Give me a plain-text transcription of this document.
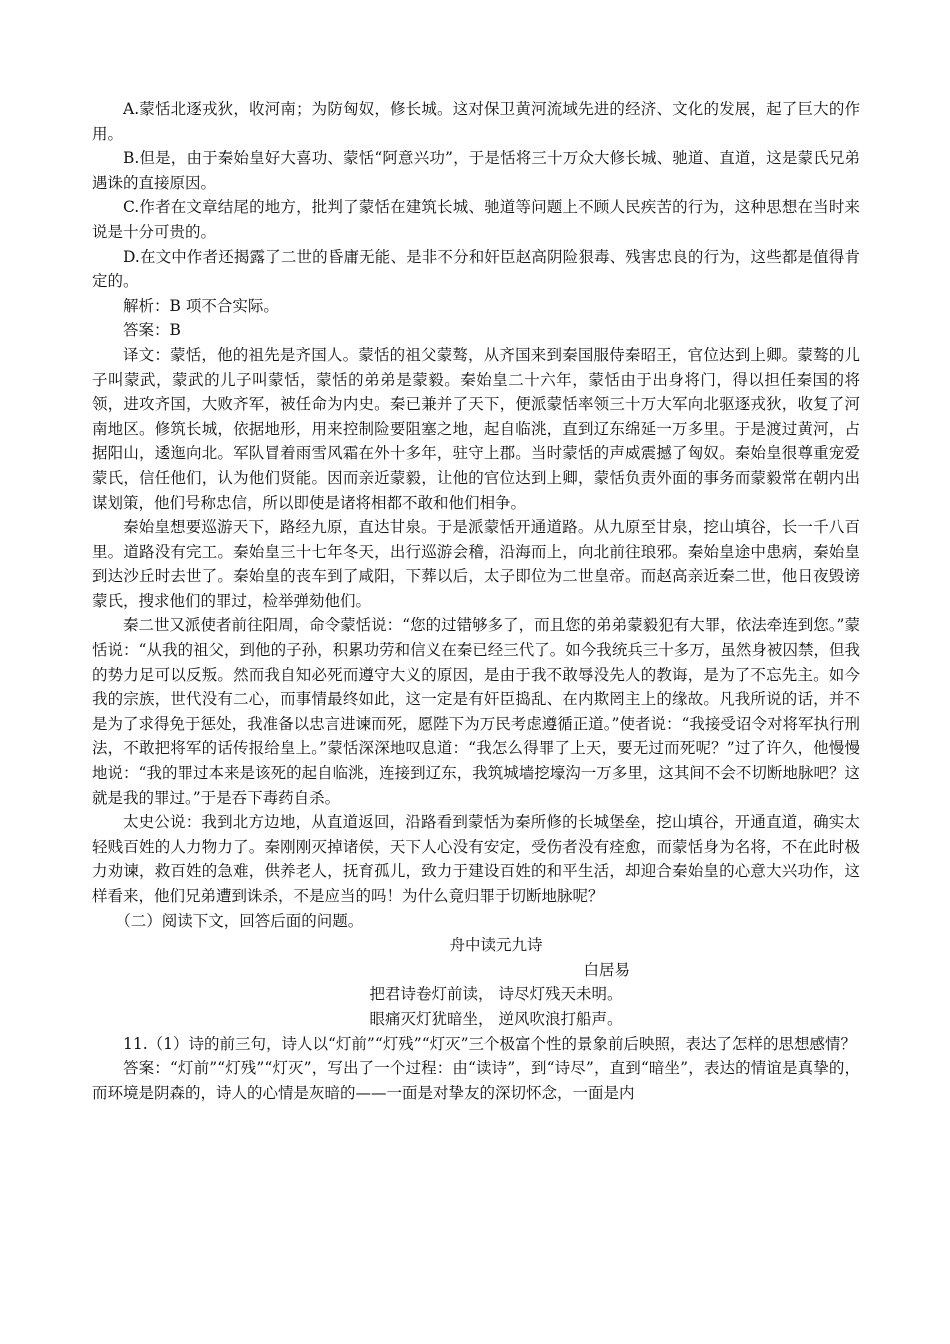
A.蒙恬北逐戎狄，收河南；为防匈奴，修长城。这对保卫黄河流域先进的经济、文化的发展，起了巨大的作用。

B.但是，由于秦始皇好大喜功、蒙恬“阿意兴功”，于是恬将三十万众大修长城、驰道、直道，这是蒙氏兄弟遇诛的直接原因。

C.作者在文章结尾的地方，批判了蒙恬在建筑长城、驰道等问题上不顾人民疾苦的行为，这种思想在当时来说是十分可贵的。

D.在文中作者还揭露了二世的昏庸无能、是非不分和奸臣赵高阴险狠毒、残害忠良的行为，这些都是值得肯定的。

解析：B 项不合实际。

答案：B

译文：蒙恬，他的祖先是齐国人。蒙恬的祖父蒙骜，从齐国来到秦国服侍秦昭王，官位达到上卿。蒙骜的儿子叫蒙武，蒙武的儿子叫蒙恬，蒙恬的弟弟是蒙毅。秦始皇二十六年，蒙恬由于出身将门，得以担任秦国的将领，进攻齐国，大败齐军，被任命为内史。秦已兼并了天下，便派蒙恬率领三十万大军向北驱逐戎狄，收复了河南地区。修筑长城，依据地形，用来控制险要阻塞之地，起自临洮，直到辽东绵延一万多里。于是渡过黄河，占据阳山，逶迤向北。军队冒着雨雪风霜在外十多年，驻守上郡。当时蒙恬的声威震撼了匈奴。秦始皇很尊重宠爱蒙氏，信任他们，认为他们贤能。因而亲近蒙毅，让他的官位达到上卿，蒙恬负责外面的事务而蒙毅常在朝内出谋划策，他们号称忠信，所以即使是诸将相都不敢和他们相争。

秦始皇想要巡游天下，路经九原，直达甘泉。于是派蒙恬开通道路。从九原至甘泉，挖山填谷，长一千八百里。道路没有完工。秦始皇三十七年冬天，出行巡游会稽，沿海而上，向北前往琅邪。秦始皇途中患病，秦始皇到达沙丘时去世了。秦始皇的丧车到了咸阳，下葬以后，太子即位为二世皇帝。而赵高亲近秦二世，他日夜毁谤蒙氏，搜求他们的罪过，检举弹劾他们。

秦二世又派使者前往阳周，命令蒙恬说：“您的过错够多了，而且您的弟弟蒙毅犯有大罪，依法牵连到您。”蒙恬说：“从我的祖父，到他的子孙，积累功劳和信义在秦已经三代了。如今我统兵三十多万，虽然身被囚禁，但我的势力足可以反叛。然而我自知必死而遵守大义的原因，是由于我不敢辱没先人的教诲，是为了不忘先主。如今我的宗族，世代没有二心，而事情最终如此，这一定是有奸臣捣乱、在内欺罔主上的缘故。凡我所说的话，并不是为了求得免于惩处，我准备以忠言进谏而死，愿陛下为万民考虑遵循正道。”使者说：“我接受诏令对将军执行刑法，不敢把将军的话传报给皇上。”蒙恬深深地叹息道：“我怎么得罪了上天，要无过而死呢？”过了许久，他慢慢地说：“我的罪过本来是该死的起自临洮，连接到辽东，我筑城墙挖壕沟一万多里，这其间不会不切断地脉吧？这就是我的罪过。”于是吞下毒药自杀。

太史公说：我到北方边地，从直道返回，沿路看到蒙恬为秦所修的长城堡垒，挖山填谷，开通直道，确实太轻贱百姓的人力物力了。秦刚刚灭掉诸侯，天下人心没有安定，受伤者没有痊愈，而蒙恬身为名将，不在此时极力劝谏，救百姓的急难，供养老人，抚育孤儿，致力于建设百姓的和平生活，却迎合秦始皇的心意大兴功作，这样看来，他们兄弟遭到诛杀，不是应当的吗！为什么竟归罪于切断地脉呢？

（二）阅读下文，回答后面的问题。

舟中读元九诗

白居易

把君诗卷灯前读， 诗尽灯残天未明。

眼痛灭灯犹暗坐， 逆风吹浪打船声。

11.（1）诗的前三句，诗人以“灯前”“灯残”“灯灭”三个极富个性的景象前后映照，表达了怎样的思想感情？

答案：“灯前”“灯残”“灯灭”，写出了一个过程：由“读诗”，到“诗尽”，直到“暗坐”，表达的情谊是真挚的，而环境是阴森的，诗人的心情是灰暗的——一面是对挚友的深切怀念，一面是内
